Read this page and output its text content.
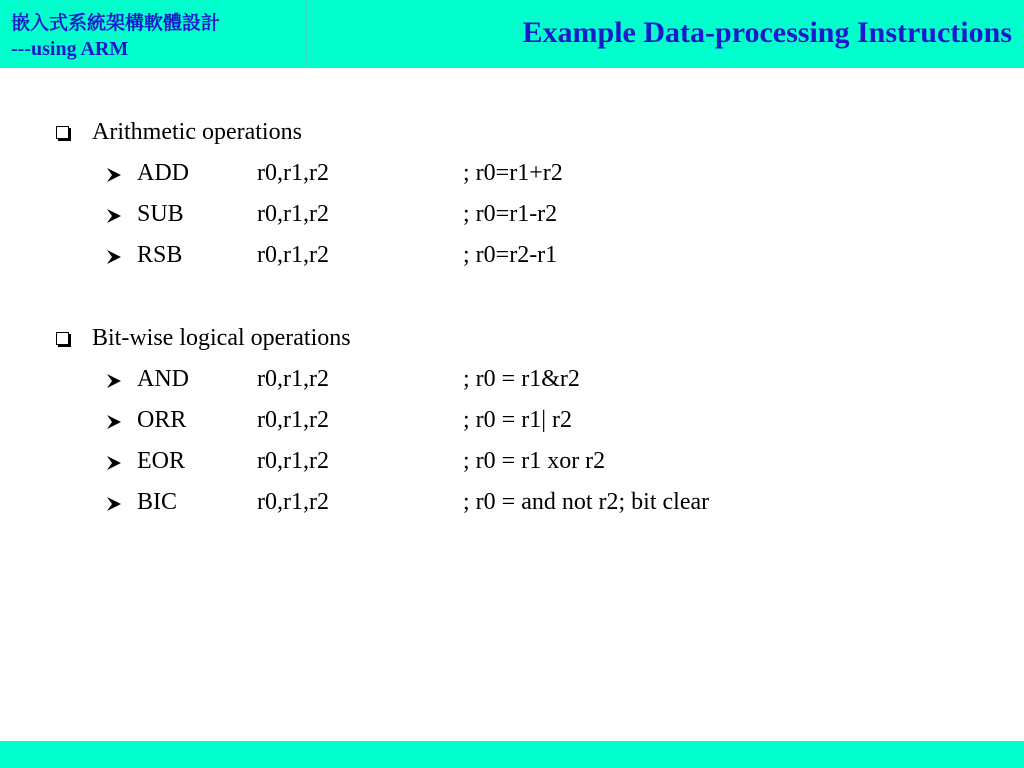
嵌入式系統架構軟體設計
---using ARM	Example Data-processing Instructions
Arithmetic operations
ADD	r0,r1,r2	; r0=r1+r2
SUB	r0,r1,r2	; r0=r1-r2
RSB	r0,r1,r2	; r0=r2-r1
Bit-wise logical operations
AND	r0,r1,r2	; r0 = r1&r2
ORR	r0,r1,r2	; r0 = r1| r2
EOR	r0,r1,r2	; r0 = r1 xor r2
BIC	r0,r1,r2	; r0 = and not r2; bit clear
